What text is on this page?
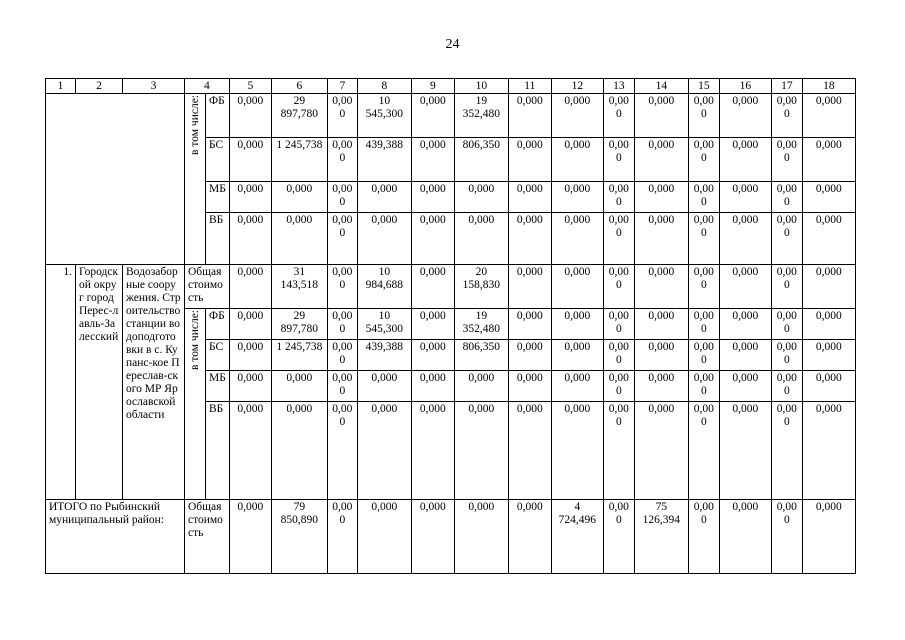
24
1	2	3	4		5	6	7	8	9	10	11	12	13	14	15	16	17	18

			в том числе:	ФБ	0,000	29 897,780	0,000	10 545,300	0,000	19 352,480	0,000	0,000	0,000	0,000	0,000	0,000	0,000	0,000
				БС	0,000	1 245,738	0,000	439,388	0,000	806,350	0,000	0,000	0,000	0,000	0,000	0,000	0,000	0,000
				МБ	0,000	0,000	0,000	0,000	0,000	0,000	0,000	0,000	0,000	0,000	0,000	0,000	0,000	0,000
				ВБ	0,000	0,000	0,000	0,000	0,000	0,000	0,000	0,000	0,000	0,000	0,000	0,000	0,000	0,000
1.	Городской округ город Перес-лавль-Залесский	Водозаборные сооружения. Строительство станции водоподготовки в с. Купанс-кое Переслав-ского МР Ярославской области	Общая стоимость		0,000	31 143,518	0,000	10 984,688	0,000	20 158,830	0,000	0,000	0,000	0,000	0,000	0,000	0,000	0,000

			в том числе:	ФБ	0,000	29 897,780	0,000	10 545,300	0,000	19 352,480	0,000	0,000	0,000	0,000	0,000	0,000	0,000	0,000
				БС	0,000	1 245,738	0,000	439,388	0,000	806,350	0,000	0,000	0,000	0,000	0,000	0,000	0,000	0,000
				МБ	0,000	0,000	0,000	0,000	0,000	0,000	0,000	0,000	0,000	0,000	0,000	0,000	0,000	0,000
				ВБ	0,000	0,000	0,000	0,000	0,000	0,000	0,000	0,000	0,000	0,000	0,000	0,000	0,000	0,000
ИТОГО по Рыбинский муниципальный район:			Общая стоимость		0,000	79 850,890	0,000	0,000	0,000	0,000	0,000	4 724,496	0,000	75 126,394	0,000	0,000	0,000	0,000
